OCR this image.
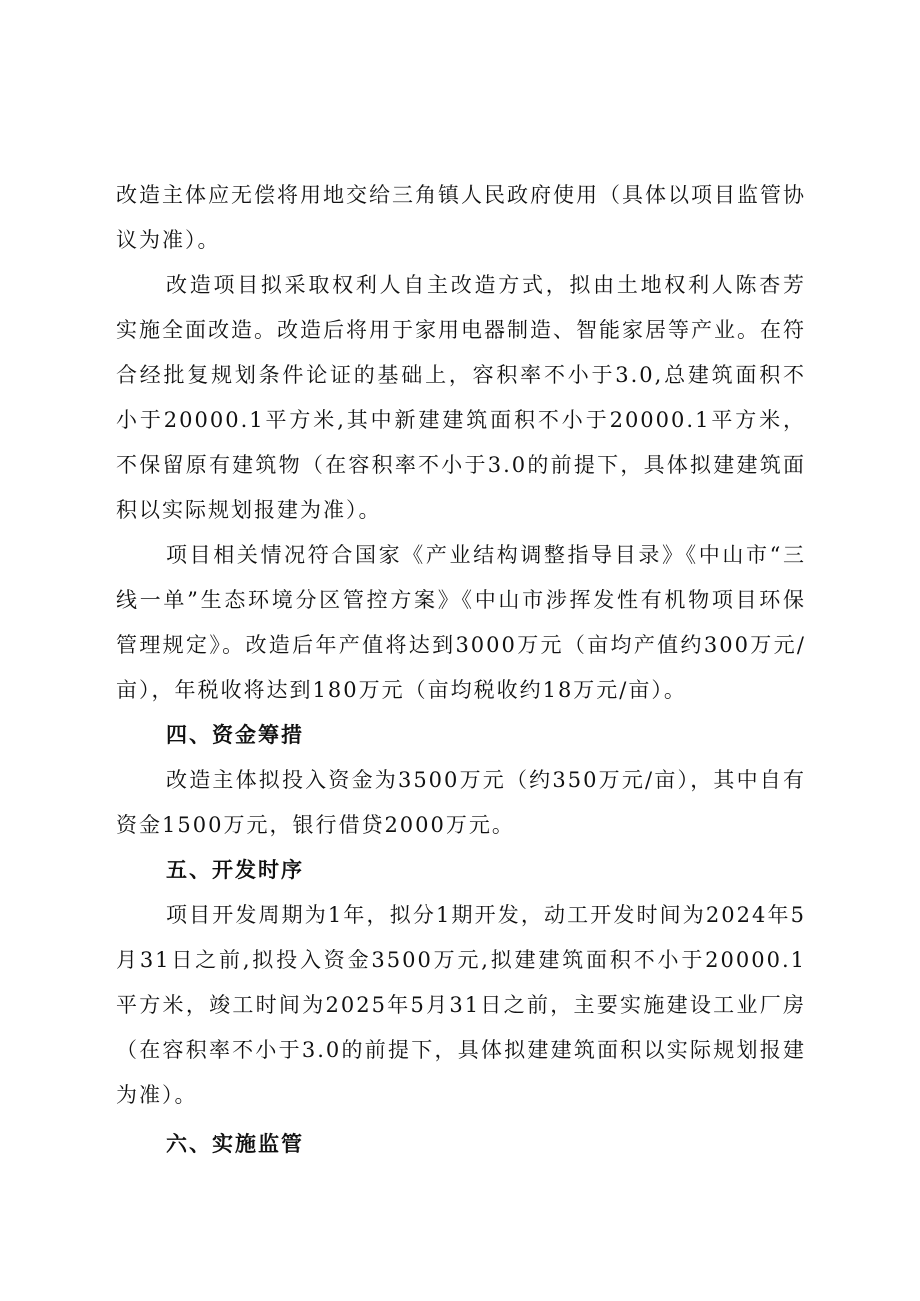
改造主体应无偿将用地交给三角镇人民政府使用（具体以项目监管协议为准）。

改造项目拟采取权利人自主改造方式，拟由土地权利人陈杏芳实施全面改造。改造后将用于家用电器制造、智能家居等产业。在符合经批复规划条件论证的基础上，容积率不小于3.0,总建筑面积不小于20000.1平方米,其中新建建筑面积不小于20000.1平方米，不保留原有建筑物（在容积率不小于3.0的前提下，具体拟建建筑面积以实际规划报建为准）。

项目相关情况符合国家《产业结构调整指导目录》《中山市“三线一单”生态环境分区管控方案》《中山市涉挥发性有机物项目环保管理规定》。改造后年产值将达到3000万元（亩均产值约300万元/亩），年税收将达到180万元（亩均税收约18万元/亩）。

四、资金筹措

改造主体拟投入资金为3500万元（约350万元/亩），其中自有资金1500万元，银行借贷2000万元。

五、开发时序

项目开发周期为1年，拟分1期开发，动工开发时间为2024年5月31日之前,拟投入资金3500万元,拟建建筑面积不小于20000.1平方米，竣工时间为2025年5月31日之前，主要实施建设工业厂房（在容积率不小于3.0的前提下，具体拟建建筑面积以实际规划报建为准）。

六、实施监管
